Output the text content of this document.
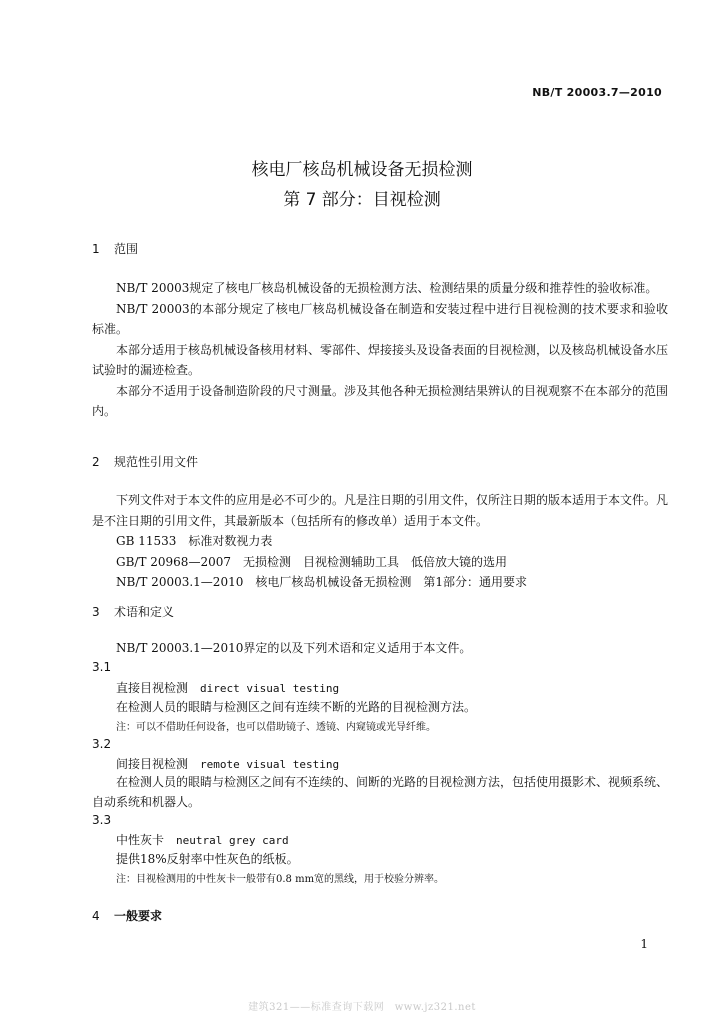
NB/T 20003.7—2010
核电厂核岛机械设备无损检测
第 7 部分：目视检测
1 范围
NB/T 20003规定了核电厂核岛机械设备的无损检测方法、检测结果的质量分级和推荐性的验收标准。
NB/T 20003的本部分规定了核电厂核岛机械设备在制造和安装过程中进行目视检测的技术要求和验收标准。
本部分适用于核岛机械设备核用材料、零部件、焊接接头及设备表面的目视检测，以及核岛机械设备水压试验时的漏迹检查。
本部分不适用于设备制造阶段的尺寸测量。涉及其他各种无损检测结果辨认的目视观察不在本部分的范围内。
2 规范性引用文件
下列文件对于本文件的应用是必不可少的。凡是注日期的引用文件，仅所注日期的版本适用于本文件。凡是不注日期的引用文件，其最新版本（包括所有的修改单）适用于本文件。
GB 11533　标准对数视力表
GB/T 20968—2007　无损检测　目视检测辅助工具　低倍放大镜的选用
NB/T 20003.1—2010　核电厂核岛机械设备无损检测　第1部分：通用要求
3 术语和定义
NB/T 20003.1—2010界定的以及下列术语和定义适用于本文件。
3.1
直接目视检测 direct visual testing
在检测人员的眼睛与检测区之间有连续不断的光路的目视检测方法。
注：可以不借助任何设备，也可以借助镜子、透镜、内窥镜或光导纤维。
3.2
间接目视检测 remote visual testing
在检测人员的眼睛与检测区之间有不连续的、间断的光路的目视检测方法，包括使用摄影术、视频系统、自动系统和机器人。
3.3
中性灰卡 neutral grey card
提供18%反射率中性灰色的纸板。
注：目视检测用的中性灰卡一般带有0.8 mm宽的黑线，用于校验分辨率。
4 一般要求
1
建筑321——标准查询下载网　www.jz321.net
